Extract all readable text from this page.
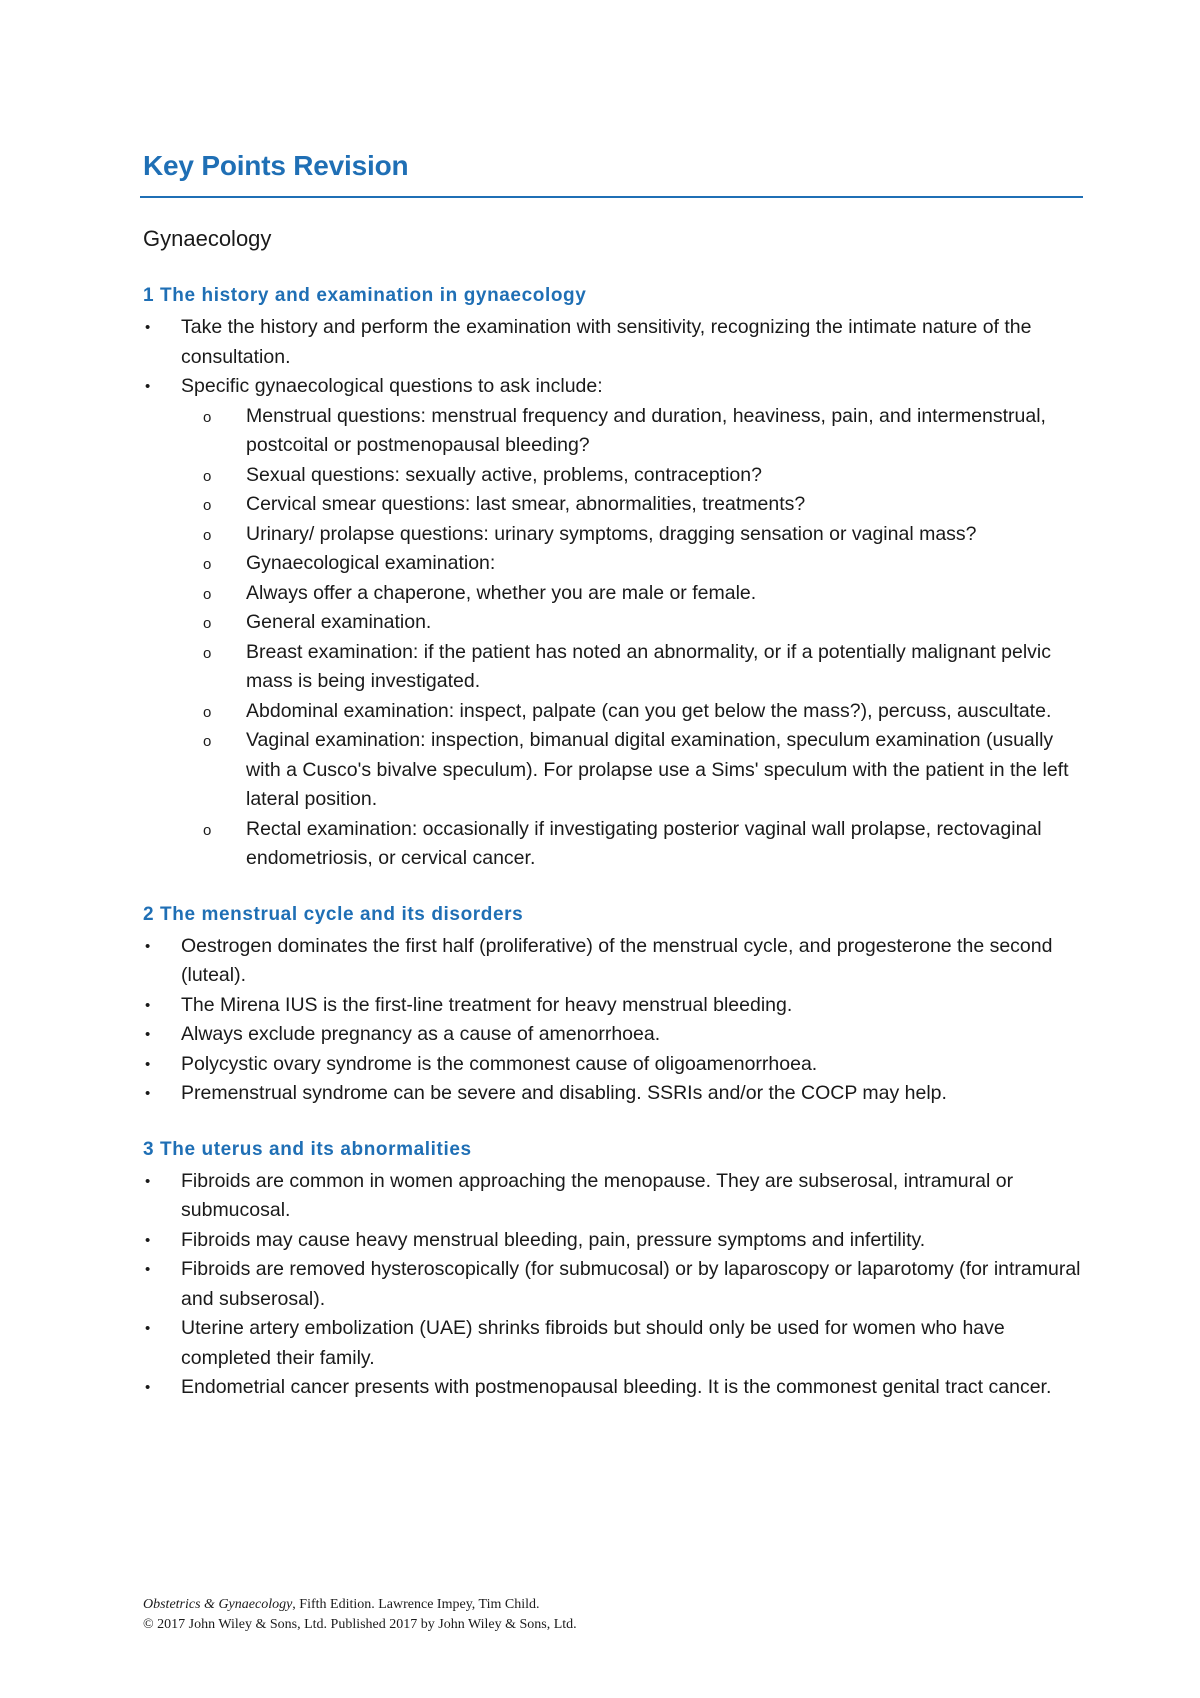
Key Points Revision
Gynaecology
1 The history and examination in gynaecology
• Take the history and perform the examination with sensitivity, recognizing the intimate nature of the consultation.
• Specific gynaecological questions to ask include:
o Menstrual questions: menstrual frequency and duration, heaviness, pain, and intermenstrual, postcoital or postmenopausal bleeding?
o Sexual questions: sexually active, problems, contraception?
o Cervical smear questions: last smear, abnormalities, treatments?
o Urinary/ prolapse questions: urinary symptoms, dragging sensation or vaginal mass?
o Gynaecological examination:
o Always offer a chaperone, whether you are male or female.
o General examination.
o Breast examination: if the patient has noted an abnormality, or if a potentially malignant pelvic mass is being investigated.
o Abdominal examination: inspect, palpate (can you get below the mass?), percuss, auscultate.
o Vaginal examination: inspection, bimanual digital examination, speculum examination (usually with a Cusco's bivalve speculum). For prolapse use a Sims' speculum with the patient in the left lateral position.
o Rectal examination: occasionally if investigating posterior vaginal wall prolapse, rectovaginal endometriosis, or cervical cancer.
2 The menstrual cycle and its disorders
• Oestrogen dominates the first half (proliferative) of the menstrual cycle, and progesterone the second (luteal).
• The Mirena IUS is the first-line treatment for heavy menstrual bleeding.
• Always exclude pregnancy as a cause of amenorrhoea.
• Polycystic ovary syndrome is the commonest cause of oligoamenorrhoea.
• Premenstrual syndrome can be severe and disabling. SSRIs and/or the COCP may help.
3 The uterus and its abnormalities
• Fibroids are common in women approaching the menopause. They are subserosal, intramural or submucosal.
• Fibroids may cause heavy menstrual bleeding, pain, pressure symptoms and infertility.
• Fibroids are removed hysteroscopically (for submucosal) or by laparoscopy or laparotomy (for intramural and subserosal).
• Uterine artery embolization (UAE) shrinks fibroids but should only be used for women who have completed their family.
• Endometrial cancer presents with postmenopausal bleeding. It is the commonest genital tract cancer.
Obstetrics & Gynaecology, Fifth Edition. Lawrence Impey, Tim Child.
© 2017 John Wiley & Sons, Ltd. Published 2017 by John Wiley & Sons, Ltd.
